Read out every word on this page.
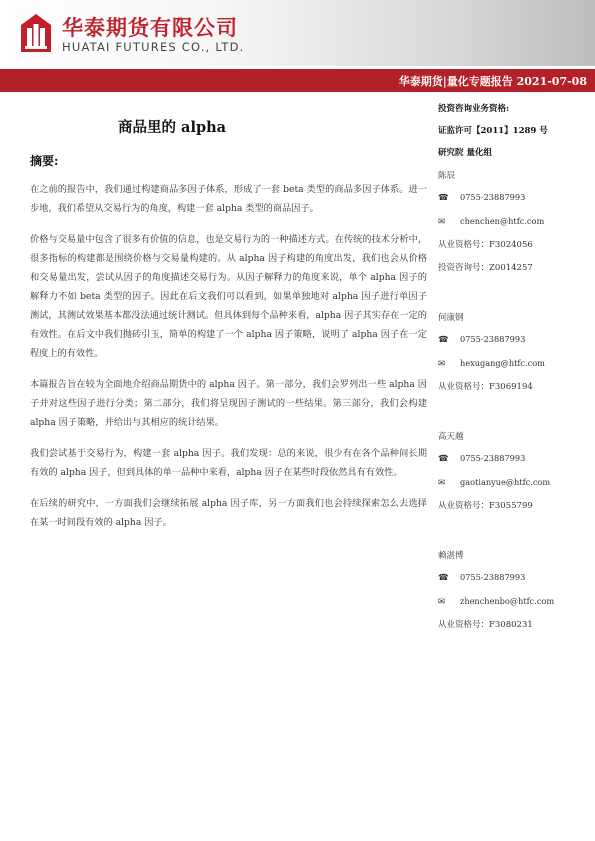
华泰期货有限公司
HUATAI FUTURES CO., LTD.
华泰期货|量化专题报告 2021-07-08
商品里的 alpha
摘要:

在之前的报告中，我们通过构建商品多因子体系，形成了一套 beta 类型的商品多因子体系。进一步地，我们希望从交易行为的角度，构建一套 alpha 类型的商品因子。

价格与交易量中包含了很多有价值的信息，也是交易行为的一种描述方式。在传统的技术分析中，很多指标的构建都是围绕价格与交易量构建的。从 alpha 因子构建的角度出发，我们也会从价格和交易量出发，尝试从因子的角度描述交易行为。从因子解释力的角度来说，单个 alpha 因子的解释力不如 beta 类型的因子。因此在后文我们可以看到，如果单独地对 alpha 因子进行单因子测试，其测试效果基本都没法通过统计测试。但具体到每个品种来看，alpha 因子其实存在一定的有效性。在后文中我们抛砖引玉，简单的构建了一个 alpha 因子策略，说明了 alpha 因子在一定程度上的有效性。

本篇报告旨在较为全面地介绍商品期货中的 alpha 因子。第一部分，我们会罗列出一些 alpha 因子并对这些因子进行分类；第二部分，我们将呈现因子测试的一些结果。第三部分，我们会构建 alpha 因子策略，并给出与其相应的统计结果。

我们尝试基于交易行为，构建一套 alpha 因子。我们发现：总的来说，很少有在各个品种间长期有效的 alpha 因子，但到具体的单一品种中来看，alpha 因子在某些时段依然具有有效性。

在后续的研究中，一方面我们会继续拓展 alpha 因子库，另一方面我们也会持续探索怎么去选择在某一时间段有效的 alpha 因子。

投资咨询业务资格:
证监许可【2011】1289 号
研究院 量化组
陈辰
☎ 0755-23887993
✉ chenchen@htfc.com
从业资格号：F3024056
投资咨询号：Z0014257
何康钢
☎ 0755-23887993
✉ hexugang@htfc.com
从业资格号：F3069194
高天越
☎ 0755-23887993
✉ gaotianyue@htfc.com
从业资格号：F3055799
赖湛博
☎ 0755-23887993
✉ zhenchenbo@htfc.com
从业资格号：F3080231
